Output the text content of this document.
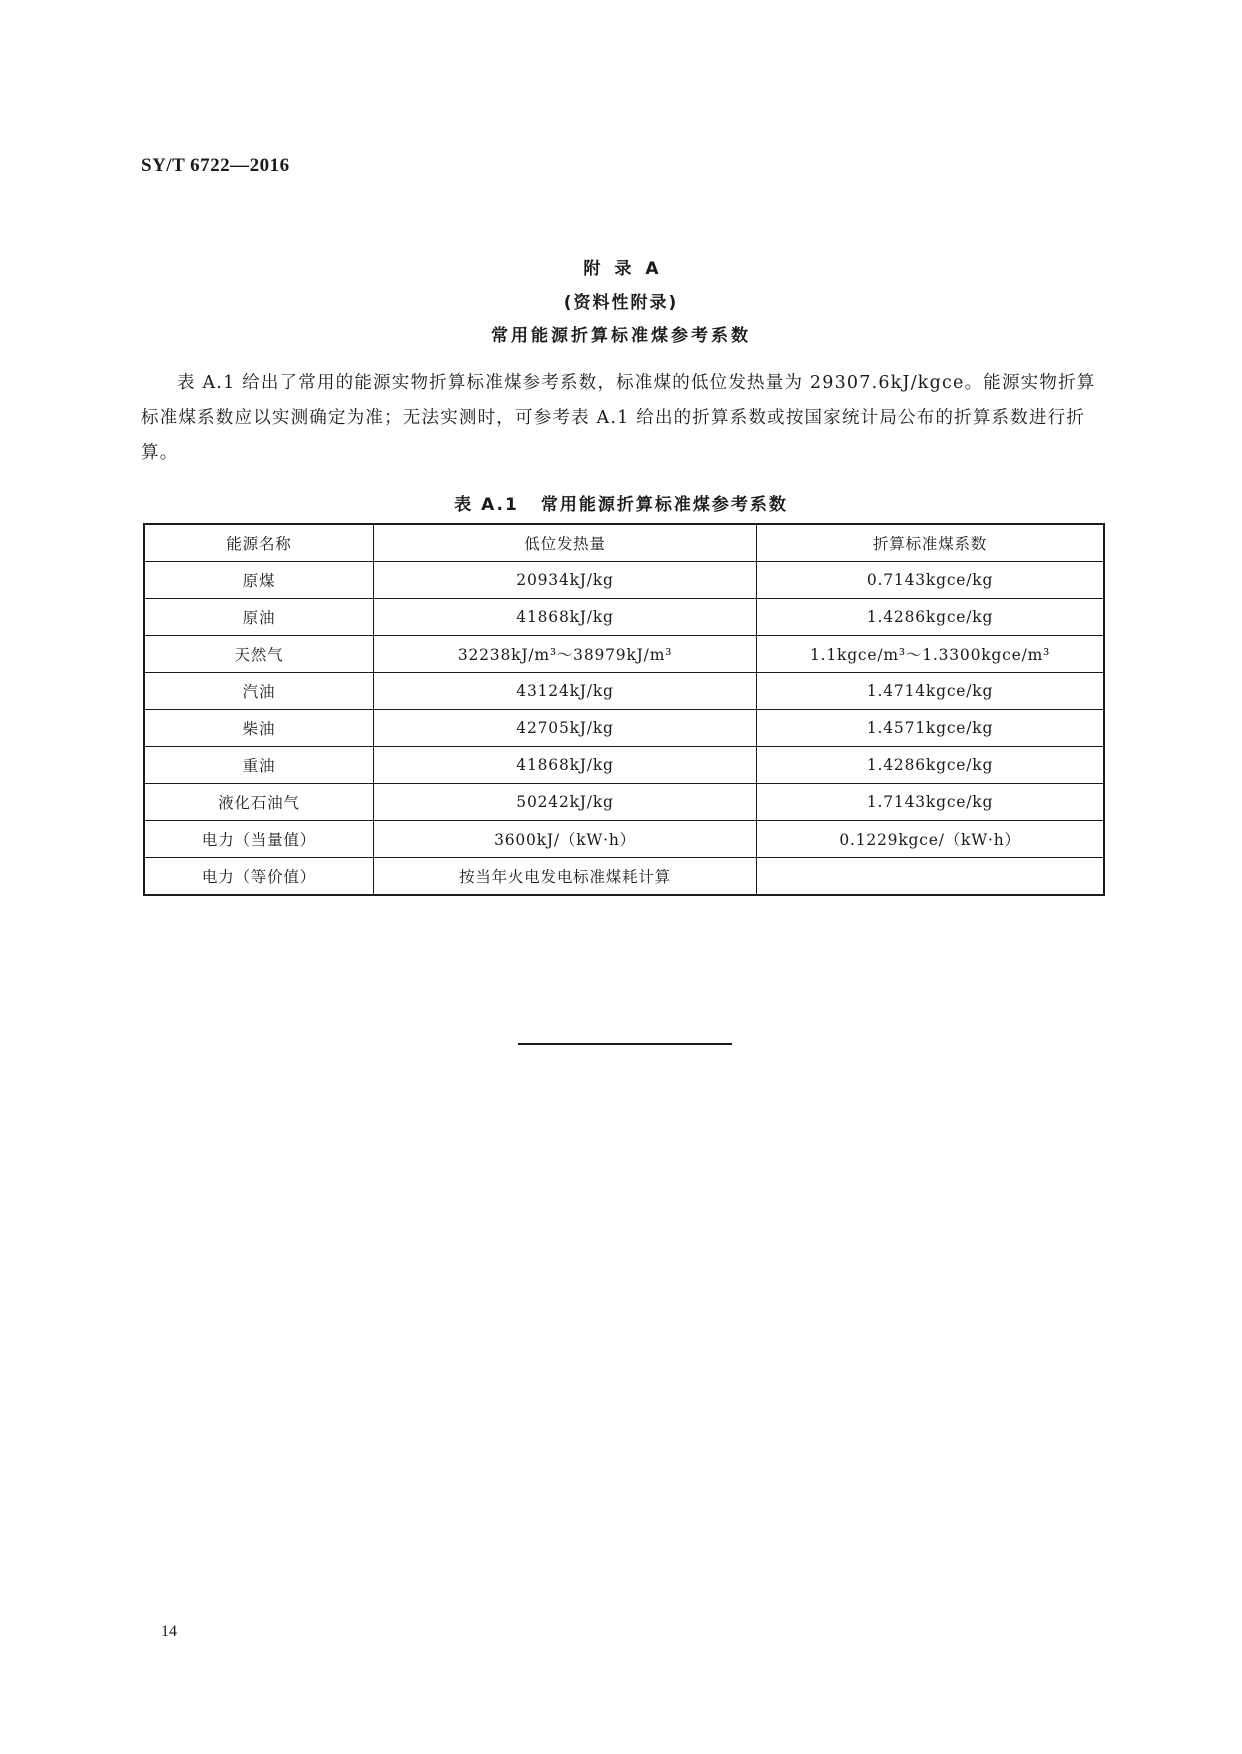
SY/T 6722—2016
附录A
(资料性附录)
常用能源折算标准煤参考系数

表 A.1 给出了常用的能源实物折算标准煤参考系数，标准煤的低位发热量为 29307.6kJ/kgce。能源实物折算标准煤系数应以实测确定为准；无法实测时，可参考表 A.1 给出的折算系数或按国家统计局公布的折算系数进行折算。

表 A.1 常用能源折算标准煤参考系数
能源名称	低位发热量	折算标准煤系数
原煤	20934kJ/kg	0.7143kgce/kg
原油	41868kJ/kg	1.4286kgce/kg
天然气	32238kJ/m³～38979kJ/m³	1.1kgce/m³～1.3300kgce/m³
汽油	43124kJ/kg	1.4714kgce/kg
柴油	42705kJ/kg	1.4571kgce/kg
重油	41868kJ/kg	1.4286kgce/kg
液化石油气	50242kJ/kg	1.7143kgce/kg
电力（当量值）	3600kJ/（kW·h）	0.1229kgce/（kW·h）
电力（等价值）	按当年火电发电标准煤耗计算	
14
